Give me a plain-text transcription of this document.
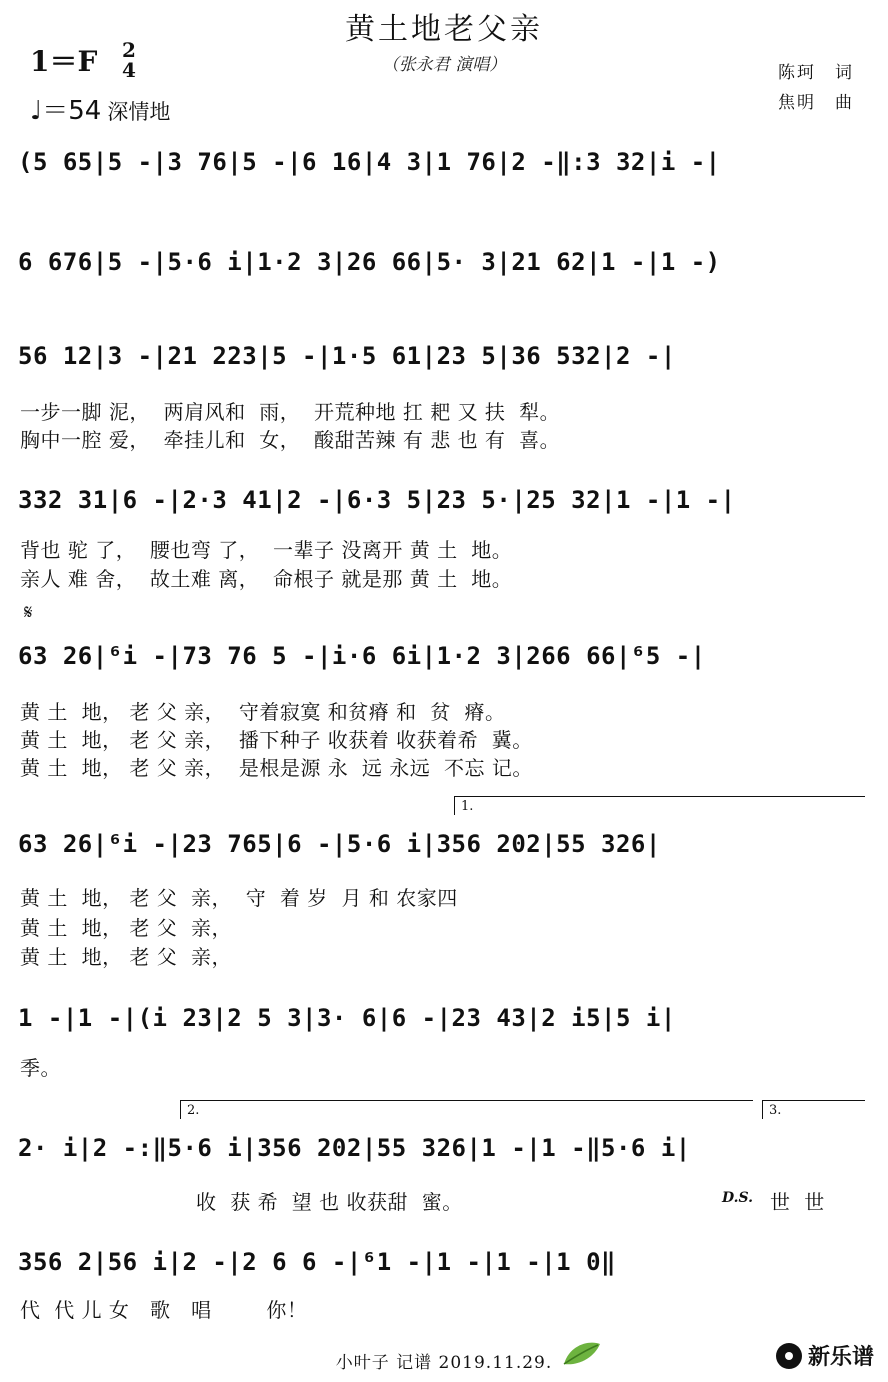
黄土地老父亲
（张永君 演唱）
1＝F 2
4
♩＝54 深情地
陈珂　词
焦明　曲
(5 65|5 -|3 76|5 -|6 16|4 3|1 76|2 -‖:3 32|i -|
6 676|5 -|5·6 i|1·2 3|26 66|5· 3|21 62|1 -|1 -)
56 12|3 -|21 223|5 -|1·5 61|23 5|36 532|2 -|
一步一脚 泥，  两肩风和  雨，  开荒种地 扛 耙 又 扶  犁。
胸中一腔 爱，  牵挂儿和  女，  酸甜苦辣 有 悲 也 有  喜。
332 31|6 -|2·3 41|2 -|6·3 5|23 5·|25 32|1 -|1 -|
背也 驼 了，  腰也弯 了，  一辈子 没离开 黄 土  地。
亲人 难 舍，  故土难 离，  命根子 就是那 黄 土  地。
𝄋
63 26|⁶i -|73 76 5 -|i·6 6i|1·2 3|266 66|⁶5 -|
黄 土  地， 老 父 亲，  守着寂寞 和贫瘠 和  贫  瘠。
黄 土  地， 老 父 亲，  播下种子 收获着 收获着希  冀。
黄 土  地， 老 父 亲，  是根是源 永  远 永远  不忘 记。
1.
63 26|⁶i -|23 765|6 -|5·6 i|356 202|55 326|
黄 土  地， 老 父  亲，  守  着 岁  月 和 农家四
黄 土  地， 老 父  亲，
黄 土  地， 老 父  亲，
1 -|1 -|(i 23|2 5 3|3· 6|6 -|23 43|2 i5|5 i|
季。
2.	3.
2· i|2 -:‖5·6 i|356 202|55 326|1 -|1 -‖5·6 i|
收  获 希  望 也 收获甜  蜜。	D.S. 世  世
356 2|56 i|2 -|2 6 6 -|⁶1 -|1 -|1 -|1 0‖
代  代 儿 女   歌   唱        你！
小叶子 记谱 2019.11.29.	新乐谱
